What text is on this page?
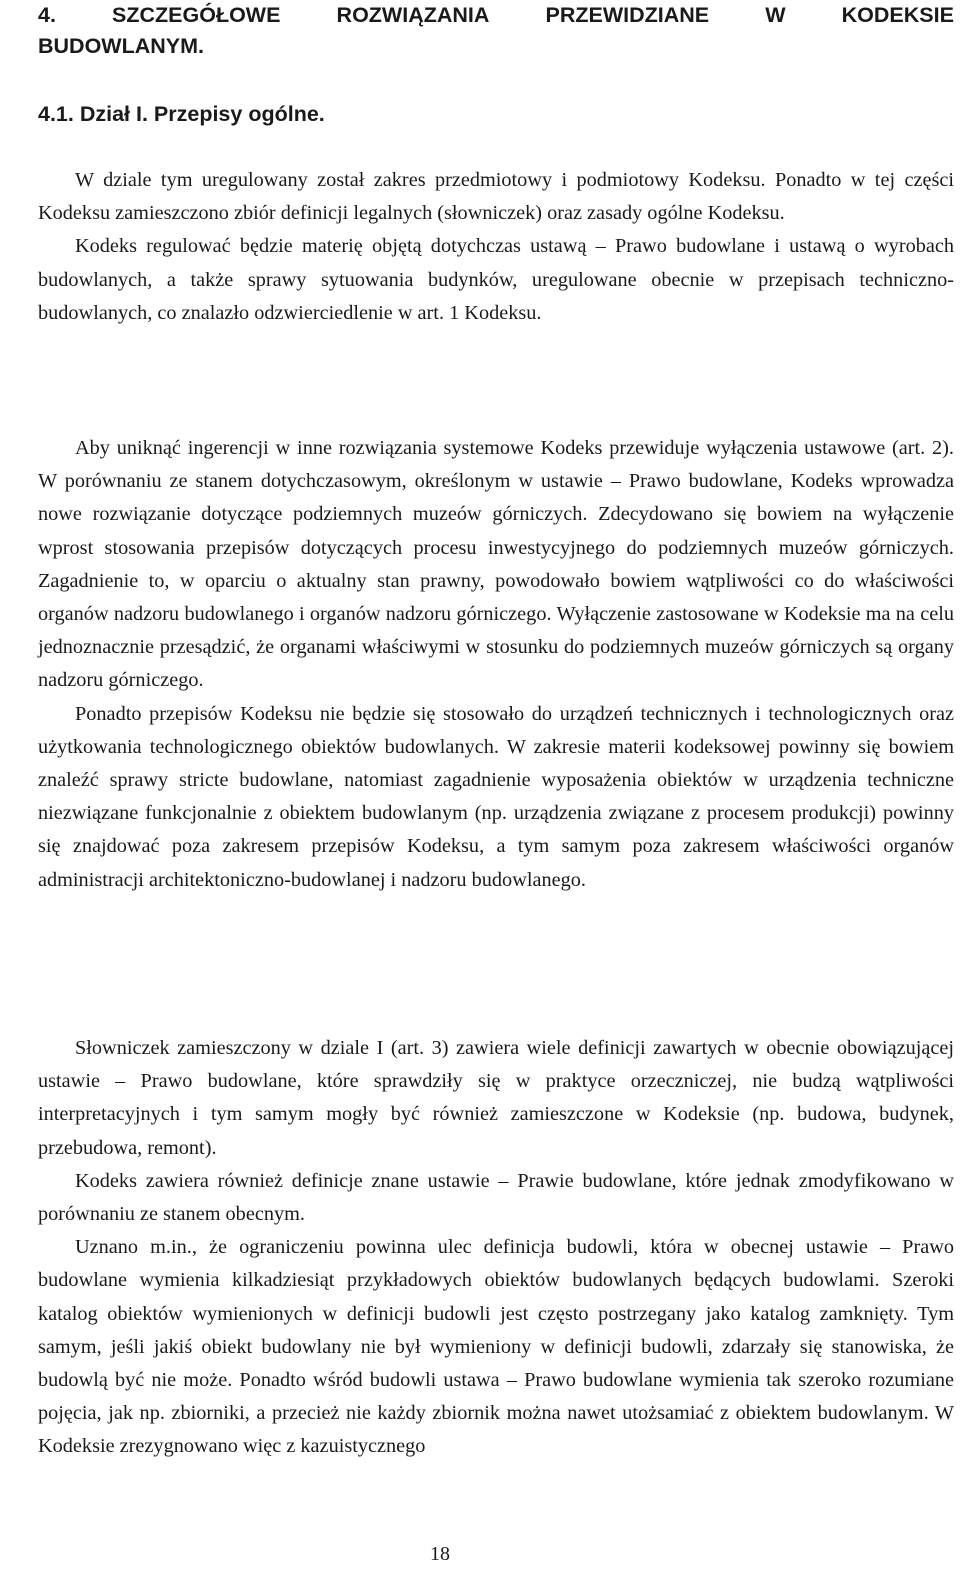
4.	SZCZEGÓŁOWE	ROZWIĄZANIA	PRZEWIDZIANE	W	KODEKSIE
BUDOWLANYM.
4.1. Dział I. Przepisy ogólne.

W dziale tym uregulowany został zakres przedmiotowy i podmiotowy Kodeksu. Ponadto w tej części Kodeksu zamieszczono zbiór definicji legalnych (słowniczek) oraz zasady ogólne Kodeksu.

Kodeks regulować będzie materię objętą dotychczas ustawą – Prawo budowlane i ustawą o wyrobach budowlanych, a także sprawy sytuowania budynków, uregulowane obecnie w przepisach techniczno-budowlanych, co znalazło odzwierciedlenie w art. 1 Kodeksu.

Aby uniknąć ingerencji w inne rozwiązania systemowe Kodeks przewiduje wyłączenia ustawowe (art. 2). W porównaniu ze stanem dotychczasowym, określonym w ustawie – Prawo budowlane, Kodeks wprowadza nowe rozwiązanie dotyczące podziemnych muzeów górniczych. Zdecydowano się bowiem na wyłączenie wprost stosowania przepisów dotyczących procesu inwestycyjnego do podziemnych muzeów górniczych. Zagadnienie to, w oparciu o aktualny stan prawny, powodowało bowiem wątpliwości co do właściwości organów nadzoru budowlanego i organów nadzoru górniczego. Wyłączenie zastosowane w Kodeksie ma na celu jednoznacznie przesądzić, że organami właściwymi w stosunku do podziemnych muzeów górniczych są organy nadzoru górniczego.

Ponadto przepisów Kodeksu nie będzie się stosowało do urządzeń technicznych i technologicznych oraz użytkowania technologicznego obiektów budowlanych. W zakresie materii kodeksowej powinny się bowiem znaleźć sprawy stricte budowlane, natomiast zagadnienie wyposażenia obiektów w urządzenia techniczne niezwiązane funkcjonalnie z obiektem budowlanym (np. urządzenia związane z procesem produkcji) powinny się znajdować poza zakresem przepisów Kodeksu, a tym samym poza zakresem właściwości organów administracji architektoniczno-budowlanej i nadzoru budowlanego.

Słowniczek zamieszczony w dziale I (art. 3) zawiera wiele definicji zawartych w obecnie obowiązującej ustawie – Prawo budowlane, które sprawdziły się w praktyce orzeczniczej, nie budzą wątpliwości interpretacyjnych i tym samym mogły być również zamieszczone w Kodeksie (np. budowa, budynek, przebudowa, remont).

Kodeks zawiera również definicje znane ustawie – Prawie budowlane, które jednak zmodyfikowano w porównaniu ze stanem obecnym.

Uznano m.in., że ograniczeniu powinna ulec definicja budowli, która w obecnej ustawie – Prawo budowlane wymienia kilkadziesiąt przykładowych obiektów budowlanych będących budowlami. Szeroki katalog obiektów wymienionych w definicji budowli jest często postrzegany jako katalog zamknięty. Tym samym, jeśli jakiś obiekt budowlany nie był wymieniony w definicji budowli, zdarzały się stanowiska, że budowlą być nie może. Ponadto wśród budowli ustawa – Prawo budowlane wymienia tak szeroko rozumiane pojęcia, jak np. zbiorniki, a przecież nie każdy zbiornik można nawet utożsamiać z obiektem budowlanym. W Kodeksie zrezygnowano więc z kazuistycznego

18
